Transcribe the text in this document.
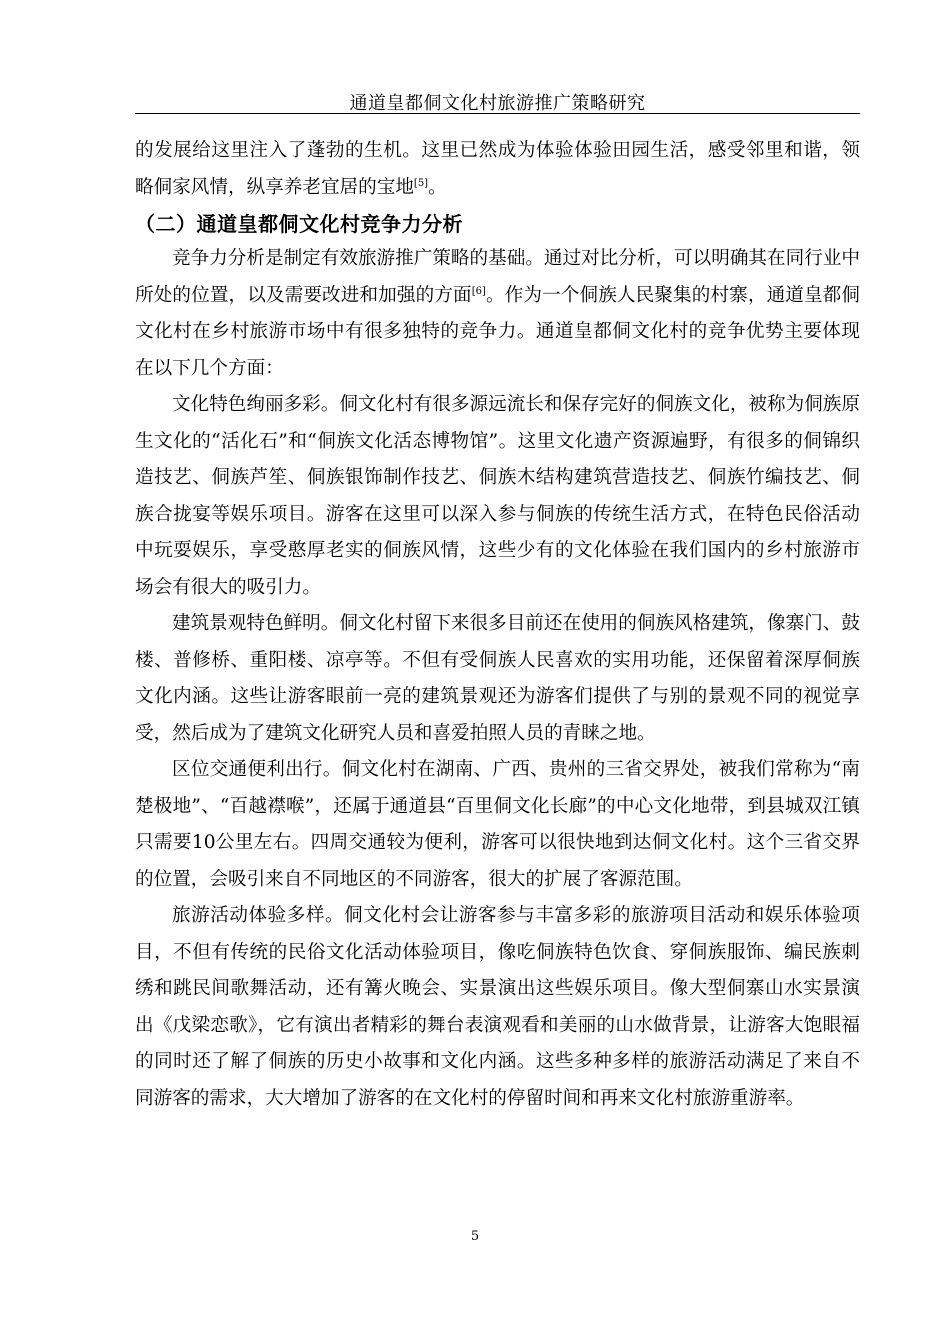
通道皇都侗文化村旅游推广策略研究

的发展给这里注入了蓬勃的生机。这里已然成为体验体验田园生活，感受邻里和谐，领略侗家风情，纵享养老宜居的宝地[5]。

（二）通道皇都侗文化村竞争力分析

竞争力分析是制定有效旅游推广策略的基础。通过对比分析，可以明确其在同行业中所处的位置，以及需要改进和加强的方面[6]。作为一个侗族人民聚集的村寨，通道皇都侗文化村在乡村旅游市场中有很多独特的竞争力。通道皇都侗文化村的竞争优势主要体现在以下几个方面：

文化特色绚丽多彩。侗文化村有很多源远流长和保存完好的侗族文化，被称为侗族原生文化的“活化石”和“侗族文化活态博物馆”。这里文化遗产资源遍野，有很多的侗锦织造技艺、侗族芦笙、侗族银饰制作技艺、侗族木结构建筑营造技艺、侗族竹编技艺、侗族合拢宴等娱乐项目。游客在这里可以深入参与侗族的传统生活方式，在特色民俗活动中玩耍娱乐，享受憨厚老实的侗族风情，这些少有的文化体验在我们国内的乡村旅游市场会有很大的吸引力。

建筑景观特色鲜明。侗文化村留下来很多目前还在使用的侗族风格建筑，像寨门、鼓楼、普修桥、重阳楼、凉亭等。不但有受侗族人民喜欢的实用功能，还保留着深厚侗族文化内涵。这些让游客眼前一亮的建筑景观还为游客们提供了与别的景观不同的视觉享受，然后成为了建筑文化研究人员和喜爱拍照人员的青睐之地。

区位交通便利出行。侗文化村在湖南、广西、贵州的三省交界处，被我们常称为“南楚极地”、“百越襟喉”，还属于通道县“百里侗文化长廊”的中心文化地带，到县城双江镇只需要10公里左右。四周交通较为便利，游客可以很快地到达侗文化村。这个三省交界的位置，会吸引来自不同地区的不同游客，很大的扩展了客源范围。

旅游活动体验多样。侗文化村会让游客参与丰富多彩的旅游项目活动和娱乐体验项目，不但有传统的民俗文化活动体验项目，像吃侗族特色饮食、穿侗族服饰、编民族刺绣和跳民间歌舞活动，还有篝火晚会、实景演出这些娱乐项目。像大型侗寨山水实景演出《戊梁恋歌》，它有演出者精彩的舞台表演观看和美丽的山水做背景，让游客大饱眼福的同时还了解了侗族的历史小故事和文化内涵。这些多种多样的旅游活动满足了来自不同游客的需求，大大增加了游客的在文化村的停留时间和再来文化村旅游重游率。

5
